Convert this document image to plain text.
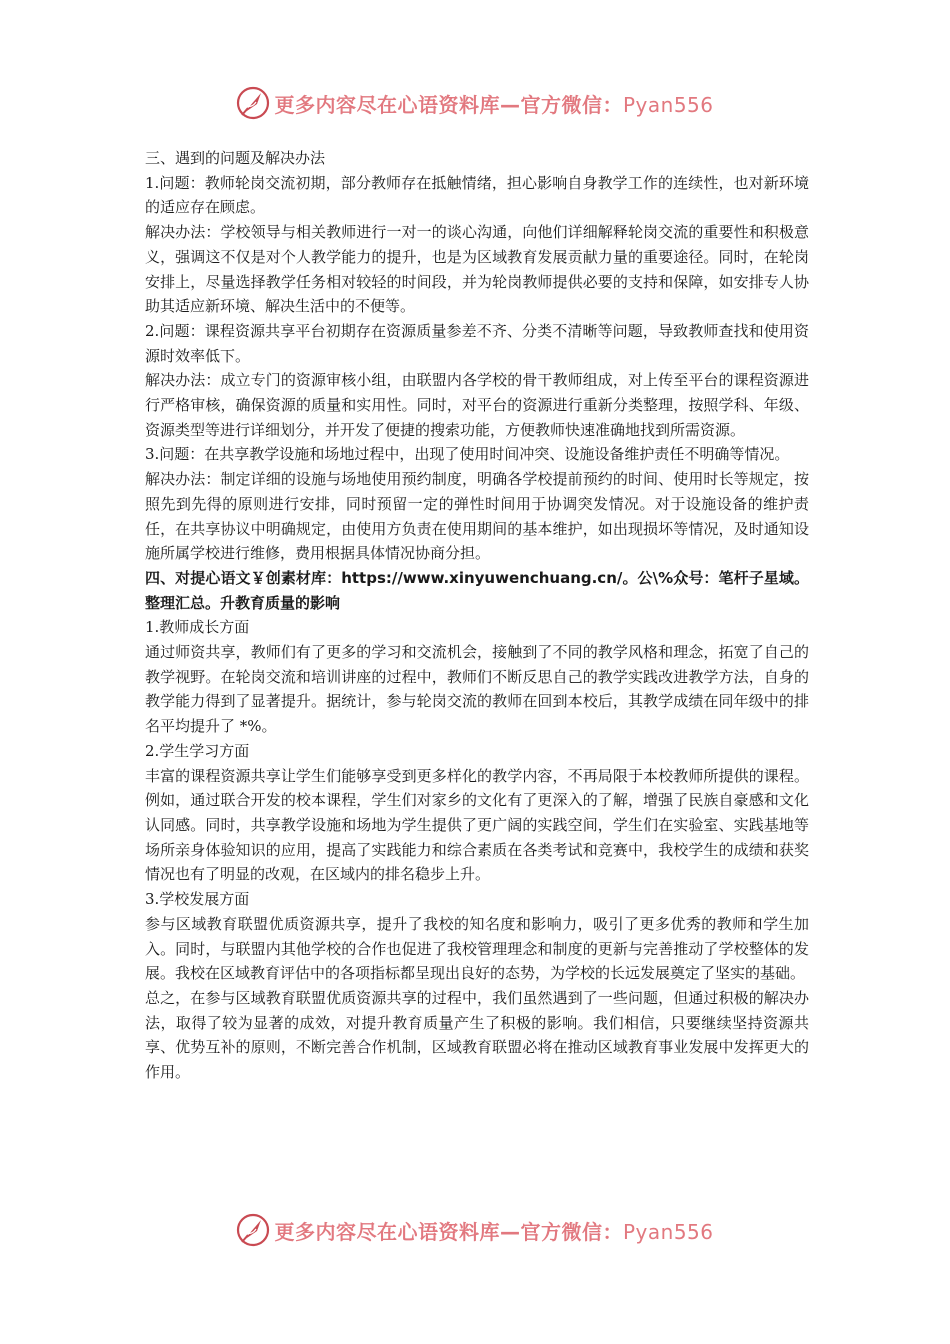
更多内容尽在心语资料库—官方微信：Pyan556

三、遇到的问题及解决办法

1.问题：教师轮岗交流初期，部分教师存在抵触情绪，担心影响自身教学工作的连续性，也对新环境的适应存在顾虑。

解决办法：学校领导与相关教师进行一对一的谈心沟通，向他们详细解释轮岗交流的重要性和积极意义，强调这不仅是对个人教学能力的提升，也是为区域教育发展贡献力量的重要途径。同时，在轮岗安排上，尽量选择教学任务相对较轻的时间段，并为轮岗教师提供必要的支持和保障，如安排专人协助其适应新环境、解决生活中的不便等。

2.问题：课程资源共享平台初期存在资源质量参差不齐、分类不清晰等问题，导致教师查找和使用资源时效率低下。

解决办法：成立专门的资源审核小组，由联盟内各学校的骨干教师组成，对上传至平台的课程资源进行严格审核，确保资源的质量和实用性。同时，对平台的资源进行重新分类整理，按照学科、年级、资源类型等进行详细划分，并开发了便捷的搜索功能，方便教师快速准确地找到所需资源。

3.问题：在共享教学设施和场地过程中，出现了使用时间冲突、设施设备维护责任不明确等情况。

解决办法：制定详细的设施与场地使用预约制度，明确各学校提前预约的时间、使用时长等规定，按照先到先得的原则进行安排，同时预留一定的弹性时间用于协调突发情况。对于设施设备的维护责任，在共享协议中明确规定，由使用方负责在使用期间的基本维护，如出现损坏等情况，及时通知设施所属学校进行维修，费用根据具体情况协商分担。

四、对提心语文￥创素材库：https://www.xinyuwenchuang.cn/。公\%众号：笔杆子星域。整理汇总。升教育质量的影响

1.教师成长方面

通过师资共享，教师们有了更多的学习和交流机会，接触到了不同的教学风格和理念，拓宽了自己的教学视野。在轮岗交流和培训讲座的过程中，教师们不断反思自己的教学实践改进教学方法，自身的教学能力得到了显著提升。据统计，参与轮岗交流的教师在回到本校后，其教学成绩在同年级中的排名平均提升了 *%。

2.学生学习方面

丰富的课程资源共享让学生们能够享受到更多样化的教学内容，不再局限于本校教师所提供的课程。例如，通过联合开发的校本课程，学生们对家乡的文化有了更深入的了解，增强了民族自豪感和文化认同感。同时，共享教学设施和场地为学生提供了更广阔的实践空间，学生们在实验室、实践基地等场所亲身体验知识的应用，提高了实践能力和综合素质在各类考试和竞赛中，我校学生的成绩和获奖情况也有了明显的改观，在区域内的排名稳步上升。

3.学校发展方面

参与区域教育联盟优质资源共享，提升了我校的知名度和影响力，吸引了更多优秀的教师和学生加入。同时，与联盟内其他学校的合作也促进了我校管理理念和制度的更新与完善推动了学校整体的发展。我校在区域教育评估中的各项指标都呈现出良好的态势，为学校的长远发展奠定了坚实的基础。

总之，在参与区域教育联盟优质资源共享的过程中，我们虽然遇到了一些问题，但通过积极的解决办法，取得了较为显著的成效，对提升教育质量产生了积极的影响。我们相信，只要继续坚持资源共享、优势互补的原则，不断完善合作机制，区域教育联盟必将在推动区域教育事业发展中发挥更大的作用。

更多内容尽在心语资料库—官方微信：Pyan556
